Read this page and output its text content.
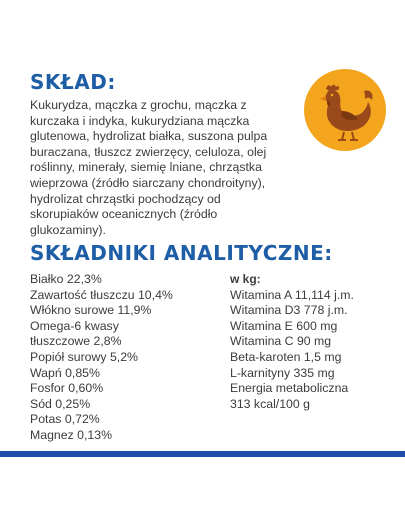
SKŁAD:

Kukurydza, mączka z grochu, mączka z kurczaka i indyka, kukurydziana mączka glutenowa, hydrolizat białka, suszona pulpa buraczana, tłuszcz zwierzęcy, celuloza, olej roślinny, minerały, siemię lniane, chrząstka wieprzowa (źródło siarczany chondroityny), hydrolizat chrząstki pochodzący od skorupiaków oceanicznych (źródło glukozaminy).

SKŁADNIKI ANALITYCZNE:
Białko 22,3%
Zawartość tłuszczu 10,4%
Włókno surowe 11,9%
Omega-6 kwasy tłuszczowe 2,8%
Popiół surowy 5,2%
Wapń 0,85%
Fosfor 0,60%
Sód 0,25%
Potas 0,72%
Magnez 0,13%
w kg:
Witamina A 11,114 j.m.
Witamina D3 778 j.m.
Witamina E 600 mg
Witamina C 90 mg
Beta-karoten 1,5 mg
L-karnityny 335 mg
Energia metaboliczna 313 kcal/100 g
